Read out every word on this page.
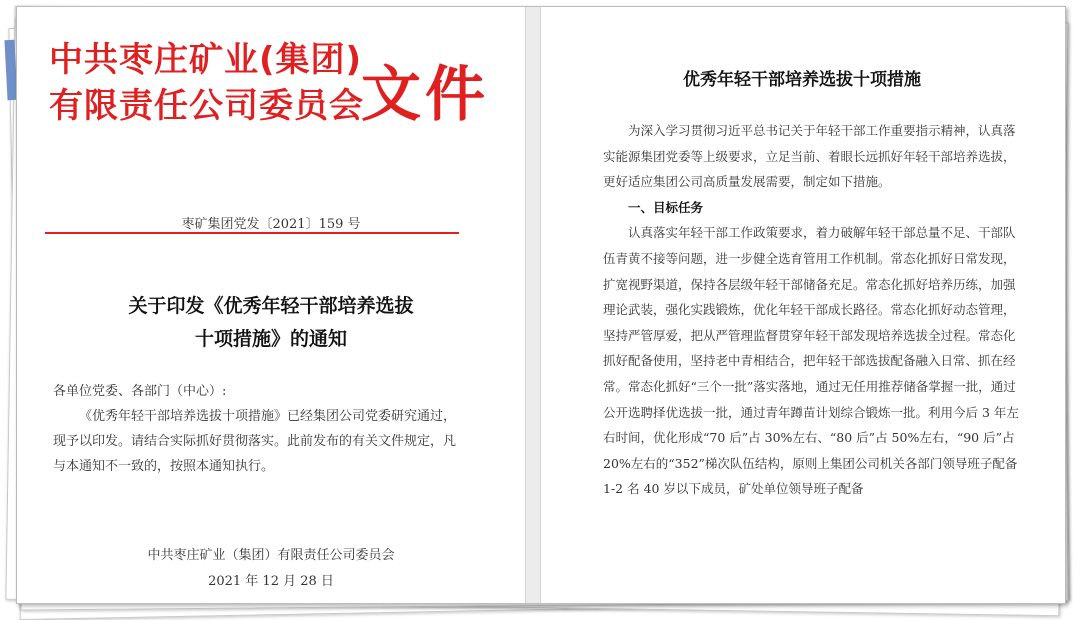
中共枣庄矿业(集团)
有限责任公司委员会
文件
枣矿集团党发〔2021〕159 号
关于印发《优秀年轻干部培养选拔
十项措施》的通知
各单位党委、各部门（中心）:
《优秀年轻干部培养选拔十项措施》已经集团公司党委研究通过，现予以印发。请结合实际抓好贯彻落实。此前发布的有关文件规定，凡与本通知不一致的，按照本通知执行。
中共枣庄矿业（集团）有限责任公司委员会
2021 年 12 月 28 日
优秀年轻干部培养选拔十项措施

为深入学习贯彻习近平总书记关于年轻干部工作重要指示精神，认真落实能源集团党委等上级要求，立足当前、着眼长远抓好年轻干部培养选拔，更好适应集团公司高质量发展需要，制定如下措施。

一、目标任务

认真落实年轻干部工作政策要求，着力破解年轻干部总量不足、干部队伍青黄不接等问题，进一步健全选育管用工作机制。常态化抓好日常发现，扩宽视野渠道，保持各层级年轻干部储备充足。常态化抓好培养历练，加强理论武装，强化实践锻炼，优化年轻干部成长路径。常态化抓好动态管理，坚持严管厚爱，把从严管理监督贯穿年轻干部发现培养选拔全过程。常态化抓好配备使用，坚持老中青相结合，把年轻干部选拔配备融入日常、抓在经常。常态化抓好“三个一批”落实落地，通过无任用推荐储备掌握一批，通过公开选聘择优选拔一批，通过青年蹲苗计划综合锻炼一批。利用今后 3 年左右时间，优化形成“70 后”占 30%左右、“80 后”占 50%左右，“90 后”占 20%左右的“352”梯次队伍结构，原则上集团公司机关各部门领导班子配备 1-2 名 40 岁以下成员，矿处单位领导班子配备
